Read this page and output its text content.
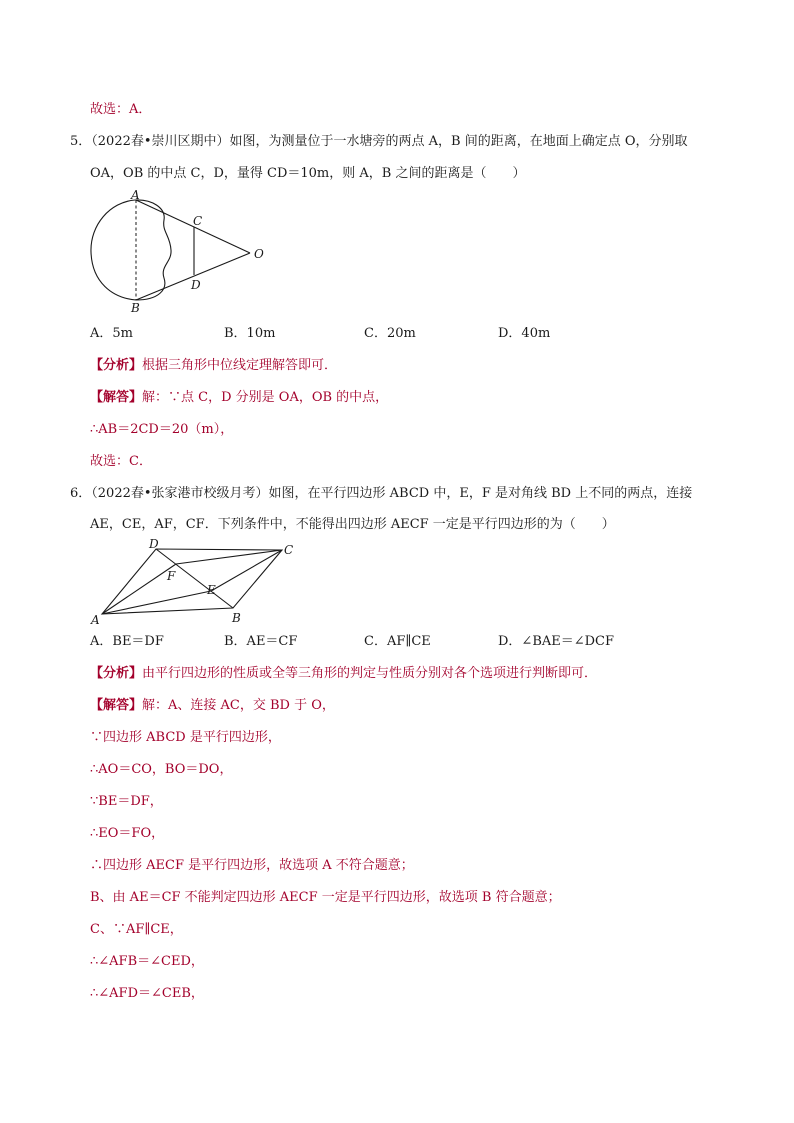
故选：A．
5．（2022春•崇川区期中）如图，为测量位于一水塘旁的两点 A，B 间的距离，在地面上确定点 O，分别取
OA，OB 的中点 C，D，量得 CD＝10m，则 A，B 之间的距离是（　　）
A
B
C
D
O
A．5m	B．10m	C．20m	D．40m
【分析】根据三角形中位线定理解答即可．
【解答】解：∵点 C，D 分别是 OA，OB 的中点，
∴AB＝2CD＝20（m），
故选：C．
6．（2022春•张家港市校级月考）如图，在平行四边形 ABCD 中，E，F 是对角线 BD 上不同的两点，连接
AE，CE，AF，CF．下列条件中，不能得出四边形 AECF 一定是平行四边形的为（　　）
D	C
F
E
A	B
A．BE＝DF	B．AE＝CF	C．AF∥CE	D．∠BAE＝∠DCF
【分析】由平行四边形的性质或全等三角形的判定与性质分别对各个选项进行判断即可．
【解答】解：A、连接 AC，交 BD 于 O，
∵四边形 ABCD 是平行四边形，
∴AO＝CO，BO＝DO，
∵BE＝DF，
∴EO＝FO，
∴四边形 AECF 是平行四边形，故选项 A 不符合题意；
B、由 AE＝CF 不能判定四边形 AECF 一定是平行四边形，故选项 B 符合题意；
C、∵AF∥CE，
∴∠AFB＝∠CED，
∴∠AFD＝∠CEB，
